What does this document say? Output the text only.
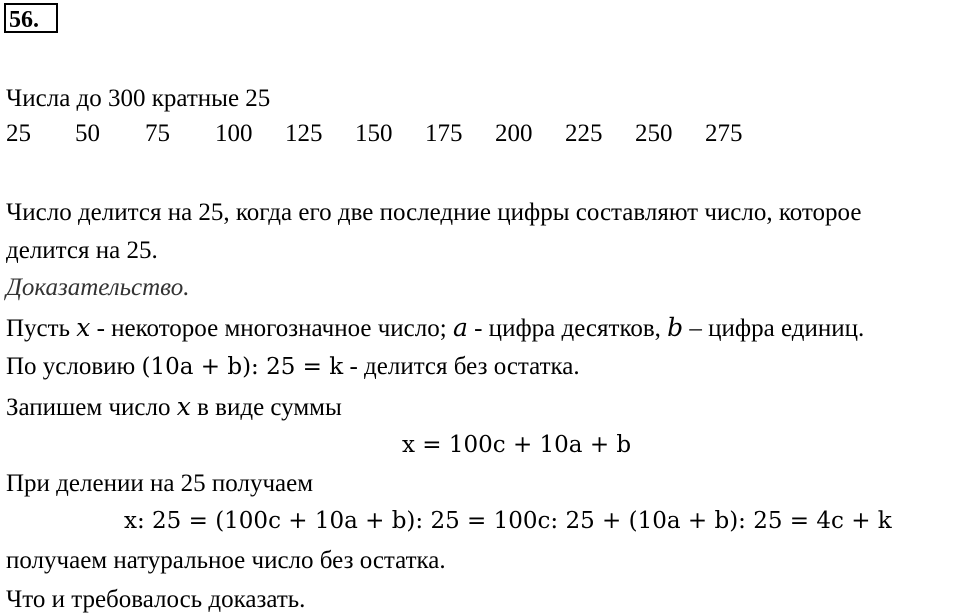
56.
Числа до 300 кратные 25
25 50 75 100 125 150 175 200 225 250 275
Число делится на 25, когда его две последние цифры составляют число, которое
делится на 25.
Доказательство.
Пусть x - некоторое многозначное число; a - цифра десятков, b – цифра единиц.
По условию (10a + b): 25 = k - делится без остатка.
Запишем число x в виде суммы
x = 100c + 10a + b
При делении на 25 получаем
x: 25 = (100c + 10a + b): 25 = 100c: 25 + (10a + b): 25 = 4c + k
получаем натуральное число без остатка.
Что и требовалось доказать.
